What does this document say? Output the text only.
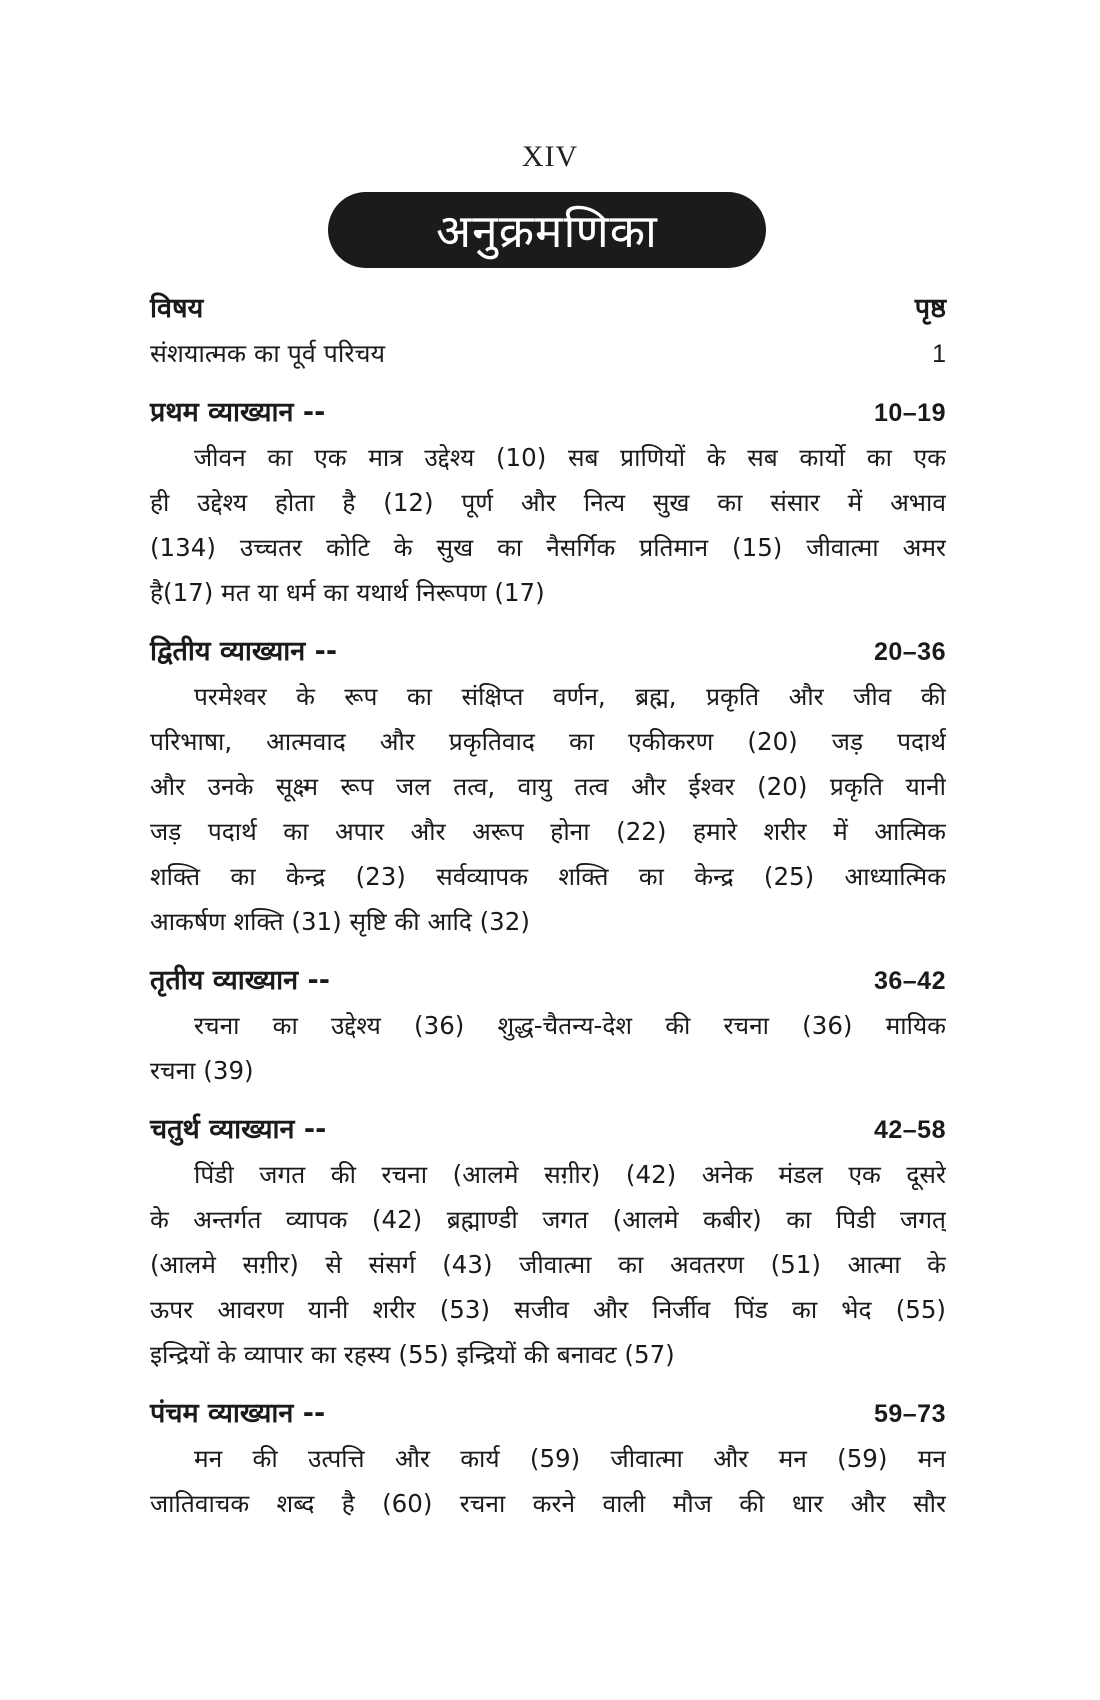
XIV
अनुक्रमणिका
विषय	पृष्ठ
संशयात्मक का पूर्व परिचय	1
प्रथम व्याख्यान --	10–19
जीवन का एक मात्र उद्देश्य (10) सब प्राणियों के सब कार्यो का एक
ही उद्देश्य होता है (12) पूर्ण और नित्य सुख का संसार में अभाव
(134) उच्चतर कोटि के सुख का नैसर्गिक प्रतिमान (15) जीवात्मा अमर
है(17) मत या धर्म का यथार्थ निरूपण (17)
द्वितीय व्याख्यान --	20–36
परमेश्वर के रूप का संक्षिप्त वर्णन, ब्रह्म, प्रकृति और जीव की
परिभाषा, आत्मवाद और प्रकृतिवाद का एकीकरण (20) जड़ पदार्थ
और उनके सूक्ष्म रूप जल तत्व, वायु तत्व और ईश्वर (20) प्रकृति यानी
जड़ पदार्थ का अपार और अरूप होना (22) हमारे शरीर में आत्मिक
शक्ति का केन्द्र (23) सर्वव्यापक शक्ति का केन्द्र (25) आध्यात्मिक
आकर्षण शक्ति (31) सृष्टि की आदि (32)
तृतीय व्याख्यान --	36–42
रचना का उद्देश्य (36) शुद्ध-चैतन्य-देश की रचना (36) मायिक
रचना (39)
चतुर्थ व्याख्यान --	42–58
पिंडी जगत की रचना (आलमे सग़ीर) (42) अनेक मंडल एक दूसरे
के अन्तर्गत व्यापक (42) ब्रह्माण्डी जगत (आलमे कबीर) का पिडी जगत्
(आलमे सग़ीर) से संसर्ग (43) जीवात्मा का अवतरण (51) आत्मा के
ऊपर आवरण यानी शरीर (53) सजीव और निर्जीव पिंड का भेद (55)
इन्द्रियों के व्यापार का रहस्य (55) इन्द्रियों की बनावट (57)
पंचम व्याख्यान --	59–73
मन की उत्पत्ति और कार्य (59) जीवात्मा और मन (59) मन
जातिवाचक शब्द है (60) रचना करने वाली मौज की धार और सौर
